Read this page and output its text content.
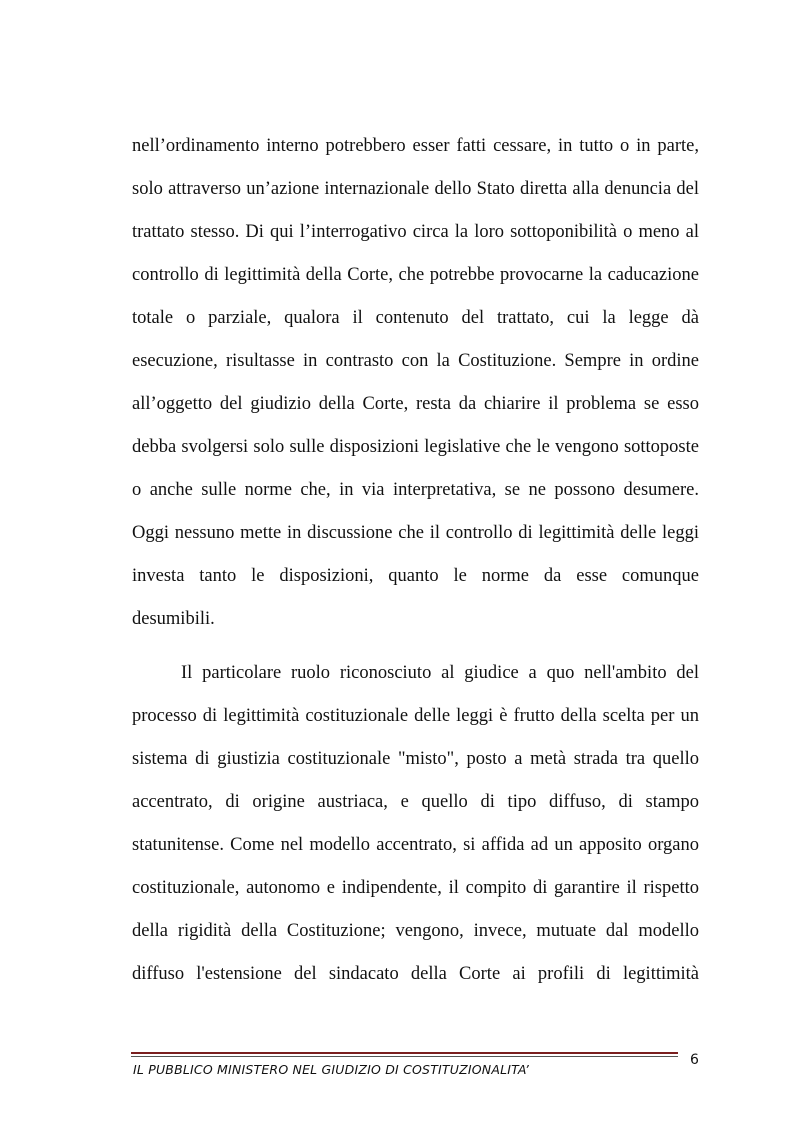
nell’ordinamento interno potrebbero esser fatti cessare, in tutto o in parte,
solo attraverso un’azione internazionale dello Stato diretta alla denuncia del
trattato stesso. Di qui l’interrogativo circa la loro sottoponibilità o meno al
controllo di legittimità della Corte, che potrebbe provocarne la caducazione
totale o parziale, qualora il contenuto del trattato, cui la legge dà
esecuzione, risultasse in contrasto con la Costituzione. Sempre in ordine
all’oggetto del giudizio della Corte, resta da chiarire il problema se esso
debba svolgersi solo sulle disposizioni legislative che le vengono sottoposte
o anche sulle norme che, in via interpretativa, se ne possono desumere.
Oggi nessuno mette in discussione che il controllo di legittimità delle leggi
investa tanto le disposizioni, quanto le norme da esse comunque
desumibili.
Il particolare ruolo riconosciuto al giudice a quo nell'ambito del
processo di legittimità costituzionale delle leggi è frutto della scelta per un
sistema di giustizia costituzionale "misto", posto a metà strada tra quello
accentrato, di origine austriaca, e quello di tipo diffuso, di stampo
statunitense. Come nel modello accentrato, si affida ad un apposito organo
costituzionale, autonomo e indipendente, il compito di garantire il rispetto
della rigidità della Costituzione; vengono, invece, mutuate dal modello
diffuso l'estensione del sindacato della Corte ai profili di legittimità
IL PUBBLICO MINISTERO NEL GIUDIZIO DI COSTITUZIONALITA’
6
